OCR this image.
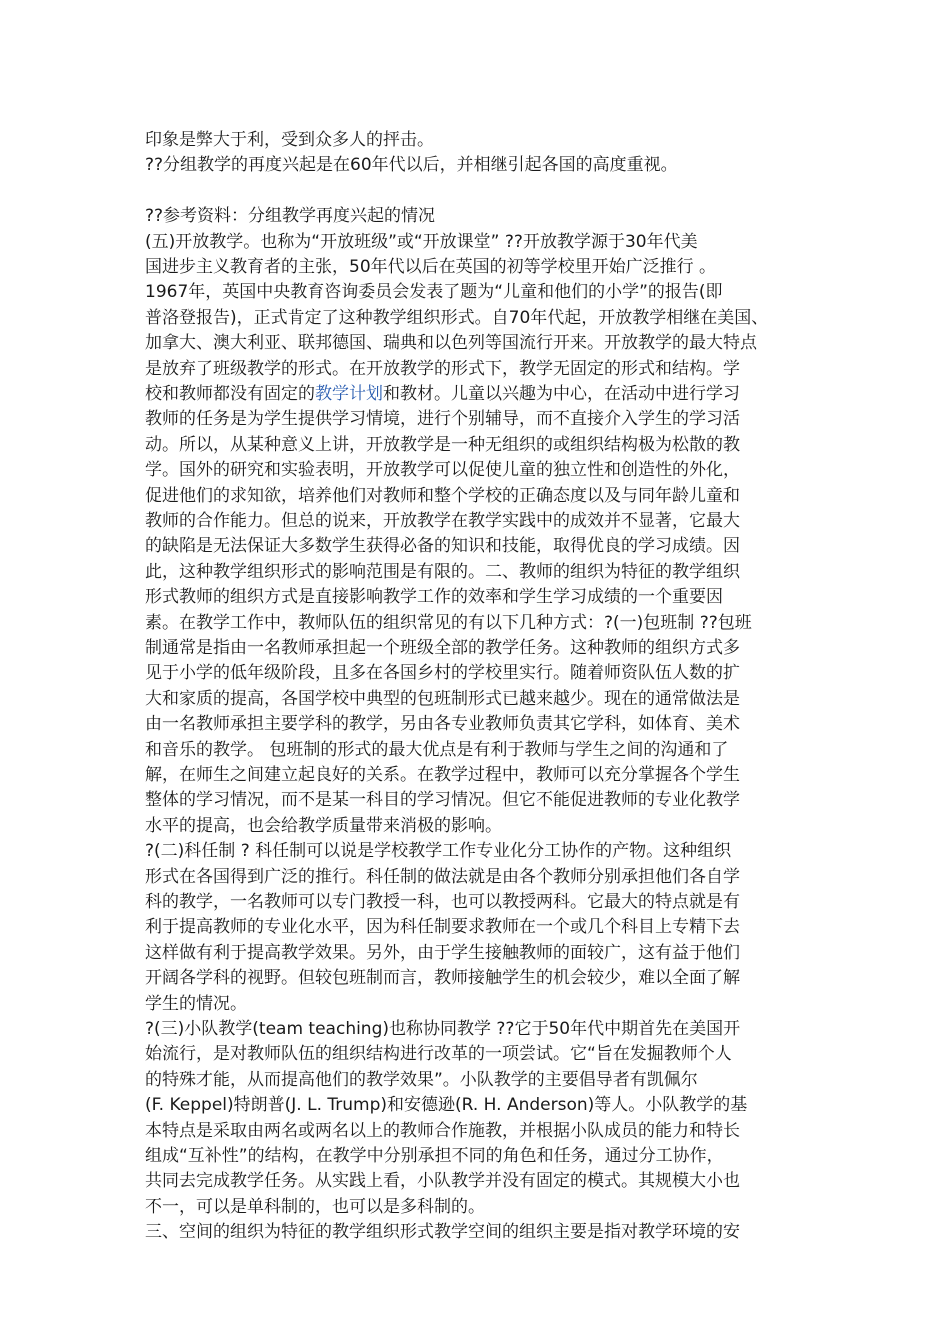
印象是弊大于利，受到众多人的抨击。

??分组教学的再度兴起是在60年代以后，并相继引起各国的高度重视。

??参考资料：分组教学再度兴起的情况

(五)开放教学。也称为“开放班级”或“开放课堂” ??开放教学源于30年代美

国进步主义教育者的主张，50年代以后在英国的初等学校里开始广泛推行 。

1967年，英国中央教育咨询委员会发表了题为“儿童和他们的小学”的报告(即

普洛登报告)，正式肯定了这种教学组织形式。自70年代起，开放教学相继在美国、

加拿大、澳大利亚、联邦德国、瑞典和以色列等国流行开来。开放教学的最大特点

是放弃了班级教学的形式。在开放教学的形式下，教学无固定的形式和结构。学

校和教师都没有固定的教学计划和教材。儿童以兴趣为中心，在活动中进行学习

教师的任务是为学生提供学习情境，进行个别辅导，而不直接介入学生的学习活

动。所以，从某种意义上讲，开放教学是一种无组织的或组织结构极为松散的教

学。国外的研究和实验表明，开放教学可以促使儿童的独立性和创造性的外化，

促进他们的求知欲，培养他们对教师和整个学校的正确态度以及与同年龄儿童和

教师的合作能力。但总的说来，开放教学在教学实践中的成效并不显著，它最大

的缺陷是无法保证大多数学生获得必备的知识和技能，取得优良的学习成绩。因

此，这种教学组织形式的影响范围是有限的。二、教师的组织为特征的教学组织

形式教师的组织方式是直接影响教学工作的效率和学生学习成绩的一个重要因

素。在教学工作中，教师队伍的组织常见的有以下几种方式：?(一)包班制 ??包班

制通常是指由一名教师承担起一个班级全部的教学任务。这种教师的组织方式多

见于小学的低年级阶段，且多在各国乡村的学校里实行。随着师资队伍人数的扩

大和家质的提高，各国学校中典型的包班制形式已越来越少。现在的通常做法是

由一名教师承担主要学科的教学，另由各专业教师负责其它学科，如体育、美术

和音乐的教学。 包班制的形式的最大优点是有利于教师与学生之间的沟通和了

解，在师生之间建立起良好的关系。在教学过程中，教师可以充分掌握各个学生

整体的学习情况，而不是某一科目的学习情况。但它不能促进教师的专业化教学

水平的提高，也会给教学质量带来消极的影响。

?(二)科任制 ? 科任制可以说是学校教学工作专业化分工协作的产物。这种组织

形式在各国得到广泛的推行。科任制的做法就是由各个教师分别承担他们各自学

科的教学，一名教师可以专门教授一科，也可以教授两科。它最大的特点就是有

利于提高教师的专业化水平，因为科任制要求教师在一个或几个科目上专精下去

这样做有利于提高教学效果。另外，由于学生接触教师的面较广，这有益于他们

开阔各学科的视野。但较包班制而言，教师接触学生的机会较少，难以全面了解

学生的情况。

?(三)小队教学(team teaching)也称协同教学 ??它于50年代中期首先在美国开

始流行，是对教师队伍的组织结构进行改革的一项尝试。它“旨在发掘教师个人

的特殊才能，从而提高他们的教学效果”。小队教学的主要倡导者有凯佩尔

(F. Keppel)特朗普(J. L. Trump)和安德逊(R. H. Anderson)等人。小队教学的基

本特点是采取由两名或两名以上的教师合作施教，并根据小队成员的能力和特长

组成“互补性”的结构，在教学中分别承担不同的角色和任务，通过分工协作，

共同去完成教学任务。从实践上看，小队教学并没有固定的模式。其规模大小也

不一，可以是单科制的，也可以是多科制的。

三、空间的组织为特征的教学组织形式教学空间的组织主要是指对教学环境的安
